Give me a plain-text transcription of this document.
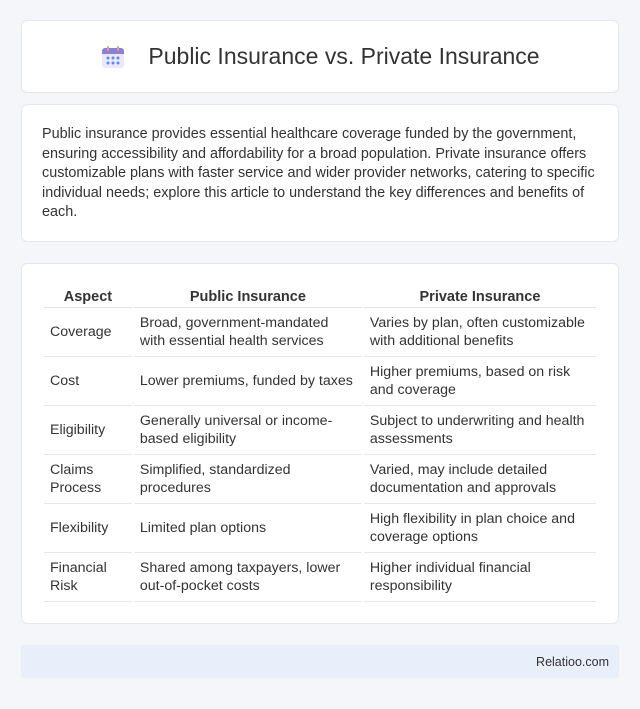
Public Insurance vs. Private Insurance

Public insurance provides essential healthcare coverage funded by the government, ensuring accessibility and affordability for a broad population. Private insurance offers customizable plans with faster service and wider provider networks, catering to specific individual needs; explore this article to understand the key differences and benefits of each.

Aspect	Public Insurance	Private Insurance
Coverage	Broad, government-mandated with essential health services	Varies by plan, often customizable with additional benefits
Cost	Lower premiums, funded by taxes	Higher premiums, based on risk and coverage
Eligibility	Generally universal or income-based eligibility	Subject to underwriting and health assessments
Claims Process	Simplified, standardized procedures	Varied, may include detailed documentation and approvals
Flexibility	Limited plan options	High flexibility in plan choice and coverage options
Financial Risk	Shared among taxpayers, lower out-of-pocket costs	Higher individual financial responsibility
Relatioo.com
